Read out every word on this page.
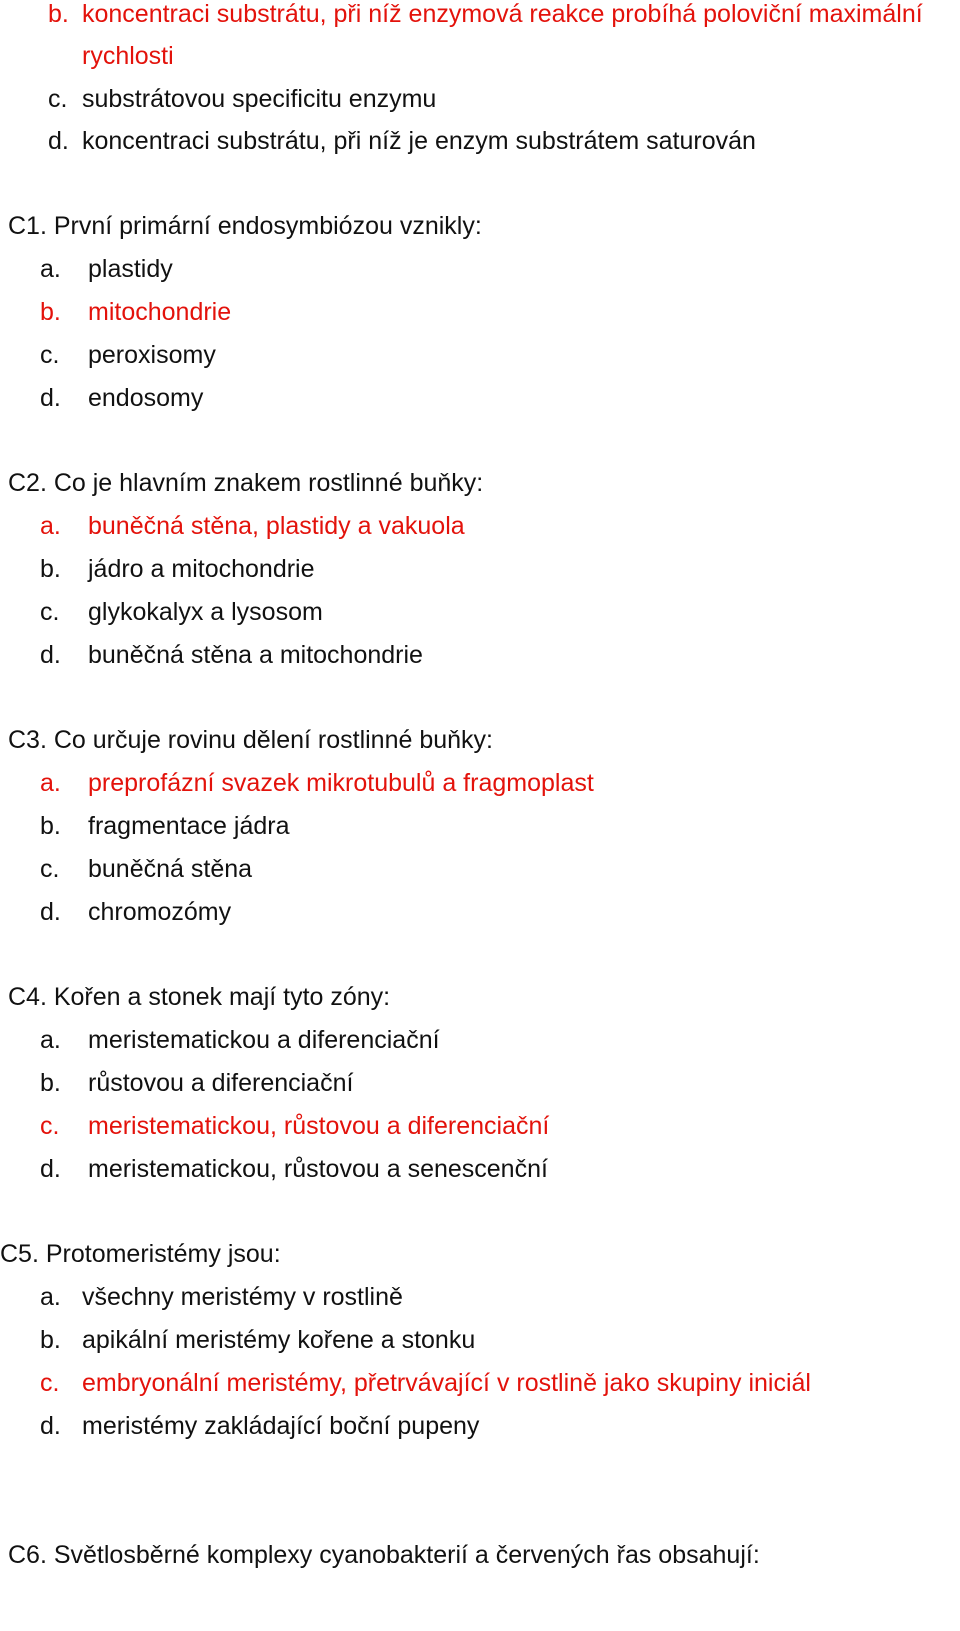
b. koncentraci substrátu, při níž enzymová reakce probíhá poloviční maximální
rychlosti
c. substrátovou specificitu enzymu
d. koncentraci substrátu, při níž je enzym substrátem saturován
C1. První primární endosymbiózou vznikly:
a. plastidy
b. mitochondrie
c. peroxisomy
d. endosomy
C2. Co je hlavním znakem rostlinné buňky:
a. buněčná stěna, plastidy a vakuola
b. jádro a mitochondrie
c. glykokalyx a lysosom
d. buněčná stěna a mitochondrie
C3. Co určuje rovinu dělení rostlinné buňky:
a. preprofázní svazek mikrotubulů a fragmoplast
b. fragmentace jádra
c. buněčná stěna
d. chromozómy
C4. Kořen a stonek mají tyto zóny:
a. meristematickou a diferenciační
b. růstovou a diferenciační
c. meristematickou, růstovou a diferenciační
d. meristematickou, růstovou a senescenční
C5. Protomeristémy jsou:
a. všechny meristémy v rostlině
b. apikální meristémy kořene a stonku
c. embryonální meristémy, přetrvávající v rostlině jako skupiny iniciál
d. meristémy zakládající boční pupeny
C6. Světlosběrné komplexy cyanobakterií a červených řas obsahují:
